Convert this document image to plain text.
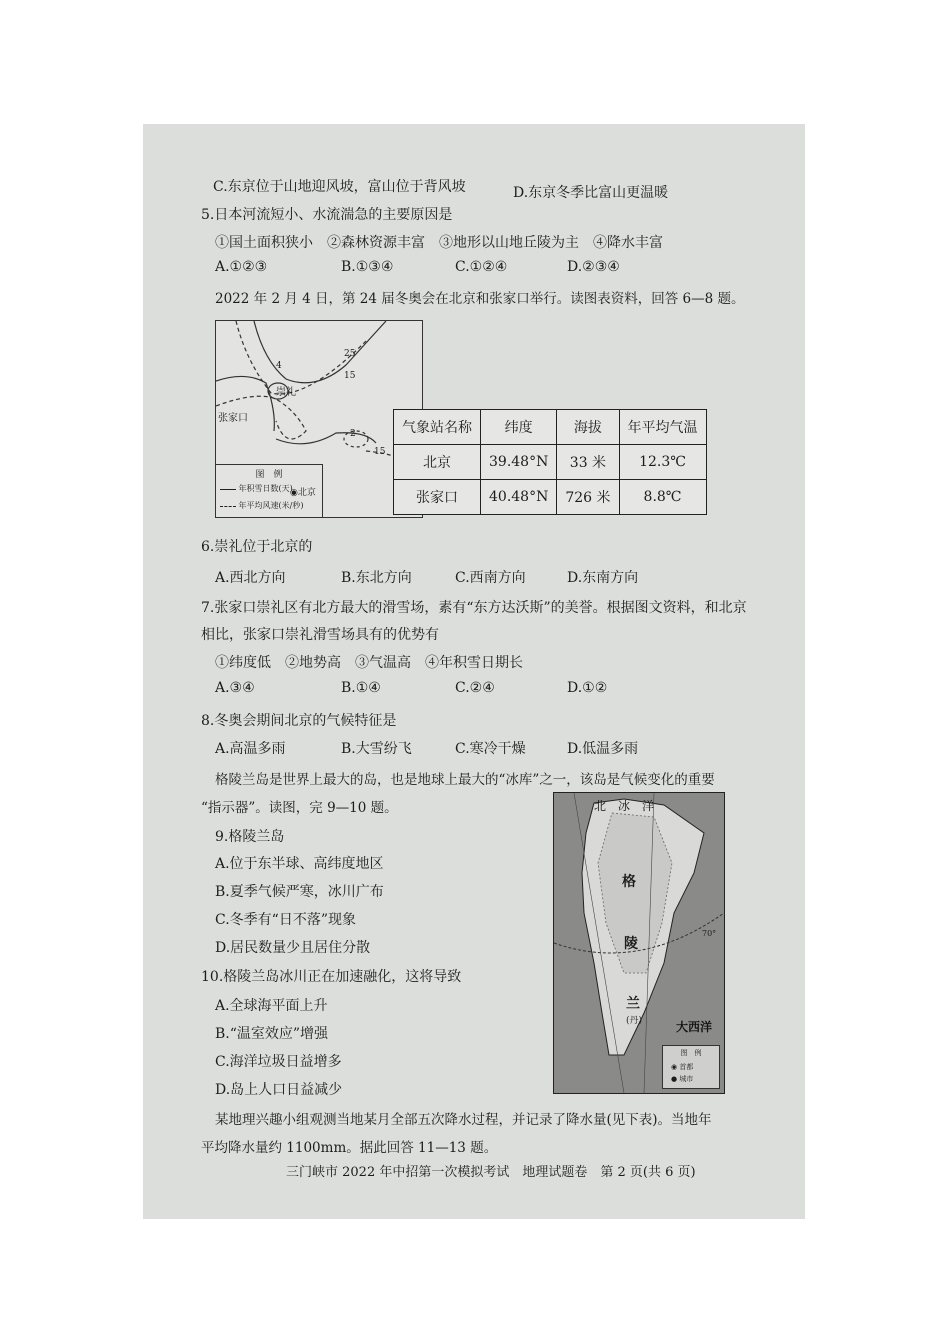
C.东京位于山地迎风坡，富山位于背风坡	D.东京冬季比富山更温暖
5.日本河流短小、水流湍急的主要原因是
①国土面积狭小　②森林资源丰富　③地形以山地丘陵为主　④降水丰富
A.①②③	B.①③④	C.①②④	D.②③④
2022 年 2 月 4 日，第 24 届冬奥会在北京和张家口举行。读图表资料，回答 6—8 题。
4
25
15
2
15
崇礼
张家口
图　例
年积雪日数(天)
年平均风速(米/秒)
◉北京
气象站名称	纬度	海拔	年平均气温
北京	39.48°N	33 米	12.3℃
张家口	40.48°N	726 米	8.8℃
6.崇礼位于北京的
A.西北方向	B.东北方向	C.西南方向	D.东南方向
7.张家口崇礼区有北方最大的滑雪场，素有“东方达沃斯”的美誉。根据图文资料，和北京
相比，张家口崇礼滑雪场具有的优势有
①纬度低　②地势高　③气温高　④年积雪日期长
A.③④	B.①④	C.②④	D.①②
8.冬奥会期间北京的气候特征是
A.高温多雨	B.大雪纷飞	C.寒冷干燥	D.低温多雨
格陵兰岛是世界上最大的岛，也是地球上最大的“冰库”之一，该岛是气候变化的重要
“指示器”。读图，完 9—10 题。
9.格陵兰岛
A.位于东半球、高纬度地区
B.夏季气候严寒，冰川广布
C.冬季有“日不落”现象
D.居民数量少且居住分散
10.格陵兰岛冰川正在加速融化，这将导致
A.全球海平面上升
B.“温室效应”增强
C.海洋垃圾日益增多
D.岛上人口日益减少
北　冰　洋
格
陵
兰
(丹)	大西洋
70°
图　例
◉ 首都
● 城市
某地理兴趣小组观测当地某月全部五次降水过程，并记录了降水量(见下表)。当地年
平均降水量约 1100mm。据此回答 11—13 题。
三门峡市 2022 年中招第一次模拟考试　地理试题卷　第 2 页(共 6 页)
